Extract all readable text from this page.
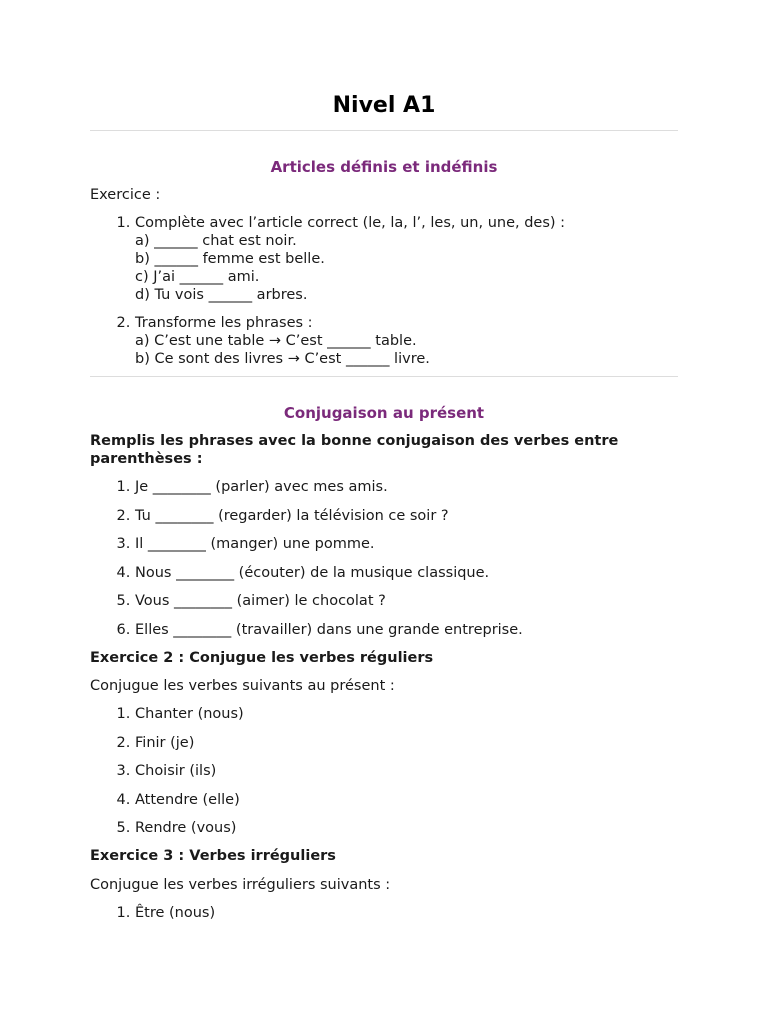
Nivel A1
Articles définis et indéfinis

Exercice :

1. Complète avec l’article correct (le, la, l’, les, un, une, des) :
a) ______ chat est noir.
b) ______ femme est belle.
c) J’ai ______ ami.
d) Tu vois ______ arbres.
2. Transforme les phrases :
a) C’est une table → C’est ______ table.
b) Ce sont des livres → C’est ______ livre.
Conjugaison au présent

Remplis les phrases avec la bonne conjugaison des verbes entre parenthèses :

1. Je ________ (parler) avec mes amis.
2. Tu ________ (regarder) la télévision ce soir ?
3. Il ________ (manger) une pomme.
4. Nous ________ (écouter) de la musique classique.
5. Vous ________ (aimer) le chocolat ?
6. Elles ________ (travailler) dans une grande entreprise.

Exercice 2 : Conjugue les verbes réguliers

Conjugue les verbes suivants au présent :

1. Chanter (nous)
2. Finir (je)
3. Choisir (ils)
4. Attendre (elle)
5. Rendre (vous)

Exercice 3 : Verbes irréguliers

Conjugue les verbes irréguliers suivants :

1. Être (nous)
